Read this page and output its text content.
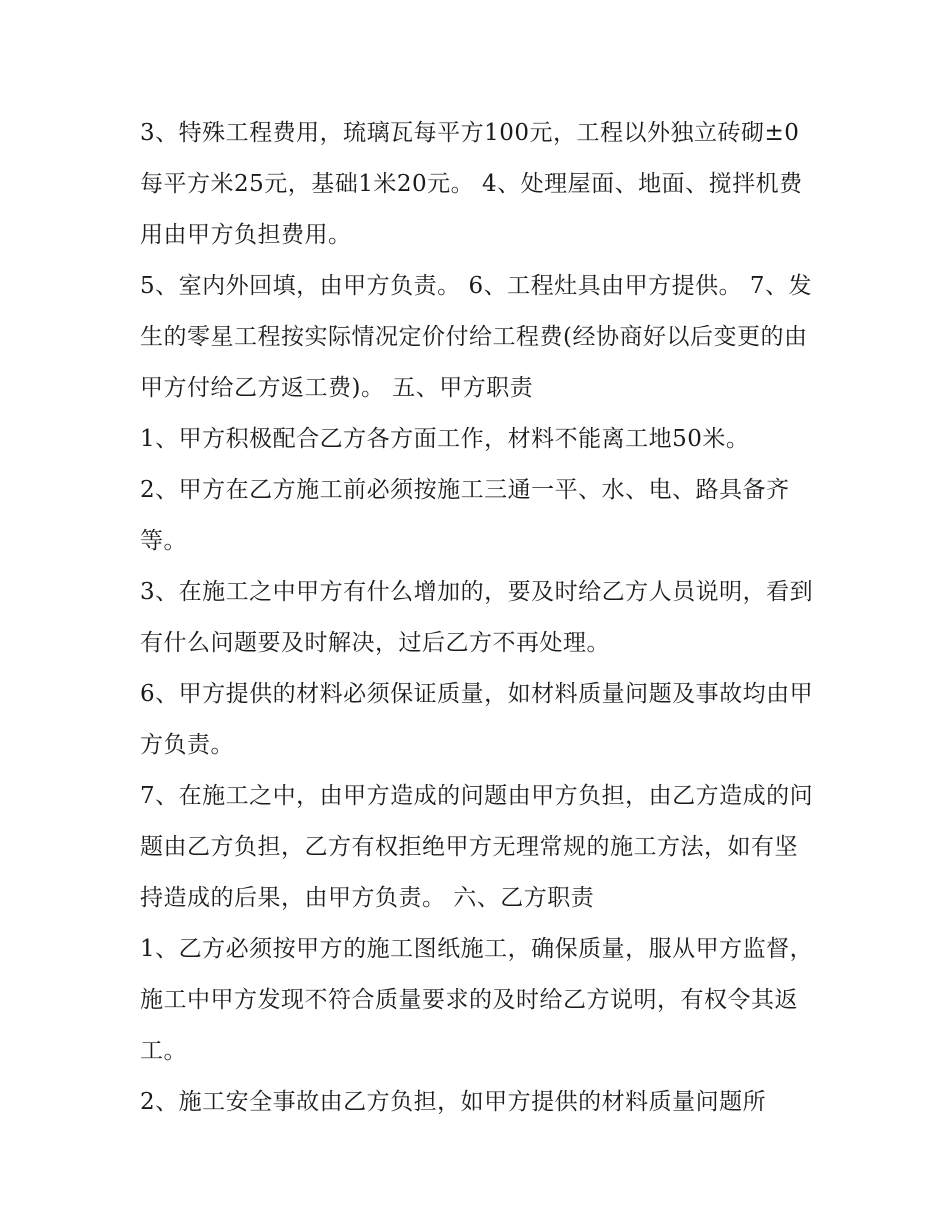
3、特殊工程费用，琉璃瓦每平方100元，工程以外独立砖砌±0每平方米25元，基础1米20元。 4、处理屋面、地面、搅拌机费用由甲方负担费用。

5、室内外回填，由甲方负责。 6、工程灶具由甲方提供。 7、发生的零星工程按实际情况定价付给工程费(经协商好以后变更的由甲方付给乙方返工费)。 五、甲方职责

1、甲方积极配合乙方各方面工作，材料不能离工地50米。

2、甲方在乙方施工前必须按施工三通一平、水、电、路具备齐等。

3、在施工之中甲方有什么增加的，要及时给乙方人员说明，看到有什么问题要及时解决，过后乙方不再处理。

6、甲方提供的材料必须保证质量，如材料质量问题及事故均由甲方负责。

7、在施工之中，由甲方造成的问题由甲方负担，由乙方造成的问题由乙方负担，乙方有权拒绝甲方无理常规的施工方法，如有坚持造成的后果，由甲方负责。 六、乙方职责

1、乙方必须按甲方的施工图纸施工，确保质量，服从甲方监督，施工中甲方发现不符合质量要求的及时给乙方说明，有权令其返工。

2、施工安全事故由乙方负担，如甲方提供的材料质量问题所
